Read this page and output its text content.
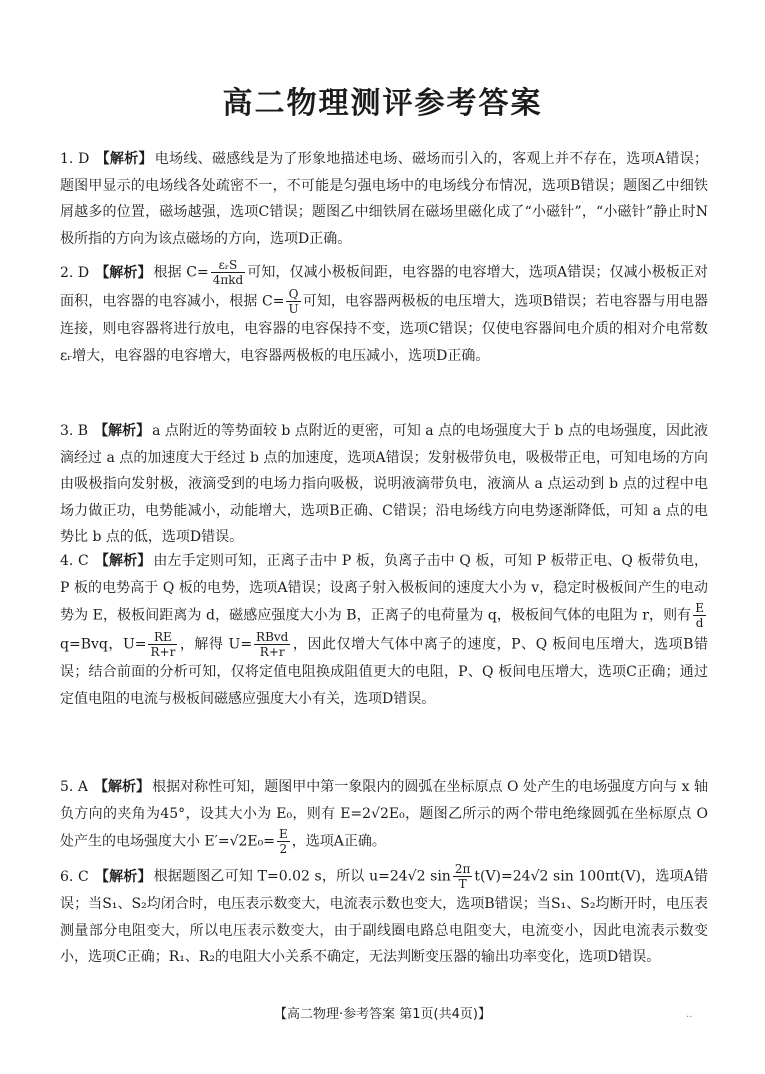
高二物理测评参考答案

1. D 【解析】 电场线、磁感线是为了形象地描述电场、磁场而引入的，客观上并不存在，选项A错误；题图甲显示的电场线各处疏密不一，不可能是匀强电场中的电场线分布情况，选项B错误；题图乙中细铁屑越多的位置，磁场越强，选项C错误；题图乙中细铁屑在磁场里磁化成了“小磁针”，“小磁针”静止时N极所指的方向为该点磁场的方向，选项D正确。

2. D 【解析】 根据 $C= \frac{\text{εᵣS}}{\text{4πkd}}$ 可知，仅减小极板间距，电容器的电容增大，选项A错误；仅减小极板正对面积，电容器的电容减小，根据 $C= \frac{Q}{U}$ 可知，电容器两极板的电压增大，选项B错误；若电容器与用电器连接，则电容器将进行放电，电容器的电容保持不变，选项C错误；仅使电容器间电介质的相对介电常数εᵣ增大，电容器的电容增大，电容器两极板的电压减小，选项D正确。

3. B 【解析】 a 点附近的等势面较 b 点附近的更密，可知 a 点的电场强度大于 b 点的电场强度，因此液滴经过 a 点的加速度大于经过 b 点的加速度，选项A错误；发射极带负电，吸极带正电，可知电场的方向由吸极指向发射极，液滴受到的电场力指向吸极，说明液滴带负电，液滴从 a 点运动到 b 点的过程中电场力做正功，电势能减小，动能增大，选项B正确、C错误；沿电场线方向电势逐渐降低，可知 a 点的电势比 b 点的低，选项D错误。

4. C 【解析】 由左手定则可知，正离子击中 P 板，负离子击中 Q 板，可知 P 板带正电、Q 板带负电，P 板的电势高于 Q 板的电势，选项A错误；设离子射入极板间的速度大小为 v，稳定时极板间产生的电动势为 E，极板间距离为 d，磁感应强度大小为 B，正离子的电荷量为 q，极板间气体的电阻为 r，则有 $\frac{E}{d}$
q=Bvq，$U= \frac{RE}{R+r}$ ，解得 $U= \frac{\text{RBvd}}{R+r}$ ，因此仅增大气体中离子的速度，P、Q 板间电压增大，选项B错误；结合前面的分析可知，仅将定值电阻换成阻值更大的电阻，P、Q 板间电压增大，选项C正确；通过定值电阻的电流与极板间磁感应强度大小有关，选项D错误。

5. A 【解析】 根据对称性可知，题图甲中第一象限内的圆弧在坐标原点 O 处产生的电场强度方向与 x 轴负方向的夹角为45°，设其大小为 E₀，则有 E=2√2E₀，题图乙所示的两个带电绝缘圆弧在坐标原点 O 处产生的电场强度大小 $E'=√2E_0= \frac{E}{2}$ ，选项A正确。

6. C 【解析】 根据题图乙可知 T=0.02 s，所以 u=24√2 $\sin \frac{2\pi}{T} t(V)=24√2$ sin 100πt(V)，选项A错误；当S₁、S₂均闭合时，电压表示数变大，电流表示数也变大，选项B错误；当S₁、S₂均断开时，电压表测量部分电阻变大，所以电压表示数变大，由于副线圈电路总电阻变大，电流变小，因此电流表示数变小，选项C正确；R₁、R₂的电阻大小关系不确定，无法判断变压器的输出功率变化，选项D错误。

【高二物理·参考答案 第1页(共4页)】	··
